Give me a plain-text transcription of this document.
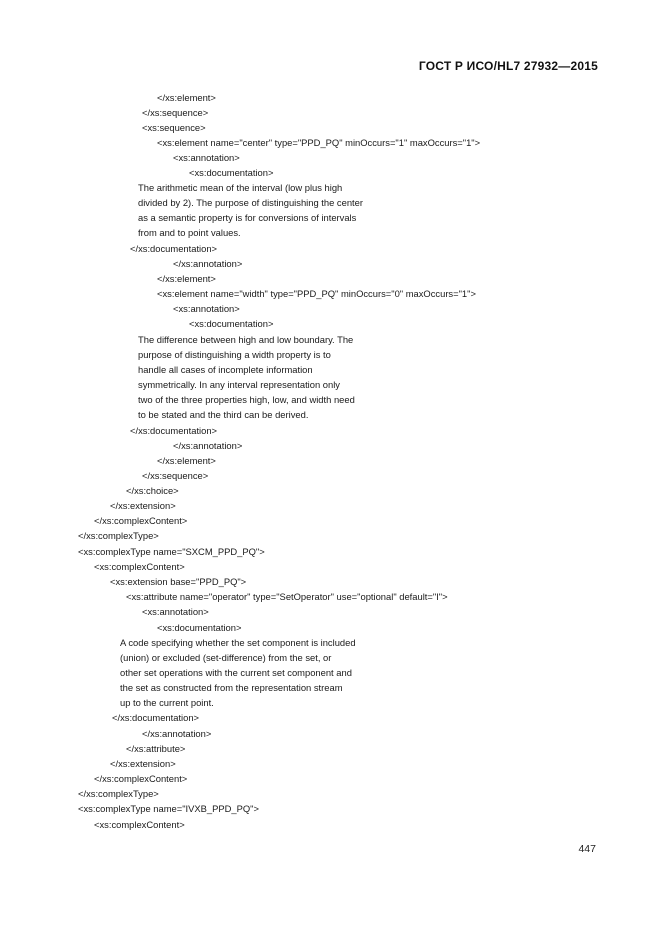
ГОСТ Р ИСО/HL7 27932—2015
</xs:element>
</xs:sequence>
<xs:sequence>
<xs:element name="center" type="PPD_PQ" minOccurs="1" maxOccurs="1">
<xs:annotation>
<xs:documentation>
The arithmetic mean of the interval (low plus high
divided by 2). The purpose of distinguishing the center
as a semantic property is for conversions of intervals
from and to point values.
</xs:documentation>
</xs:annotation>
</xs:element>
<xs:element name="width" type="PPD_PQ" minOccurs="0" maxOccurs="1">
<xs:annotation>
<xs:documentation>
The difference between high and low boundary. The
purpose of distinguishing a width property is to
handle all cases of incomplete information
symmetrically. In any interval representation only
two of the three properties high, low, and width need
to be stated and the third can be derived.
</xs:documentation>
</xs:annotation>
</xs:element>
</xs:sequence>
</xs:choice>
</xs:extension>
</xs:complexContent>
</xs:complexType>
<xs:complexType name="SXCM_PPD_PQ">
<xs:complexContent>
<xs:extension base="PPD_PQ">
<xs:attribute name="operator" type="SetOperator" use="optional" default="I">
<xs:annotation>
<xs:documentation>
A code specifying whether the set component is included
(union) or excluded (set-difference) from the set, or
other set operations with the current set component and
the set as constructed from the representation stream
up to the current point.
</xs:documentation>
</xs:annotation>
</xs:attribute>
</xs:extension>
</xs:complexContent>
</xs:complexType>
<xs:complexType name="IVXB_PPD_PQ">
<xs:complexContent>
447
